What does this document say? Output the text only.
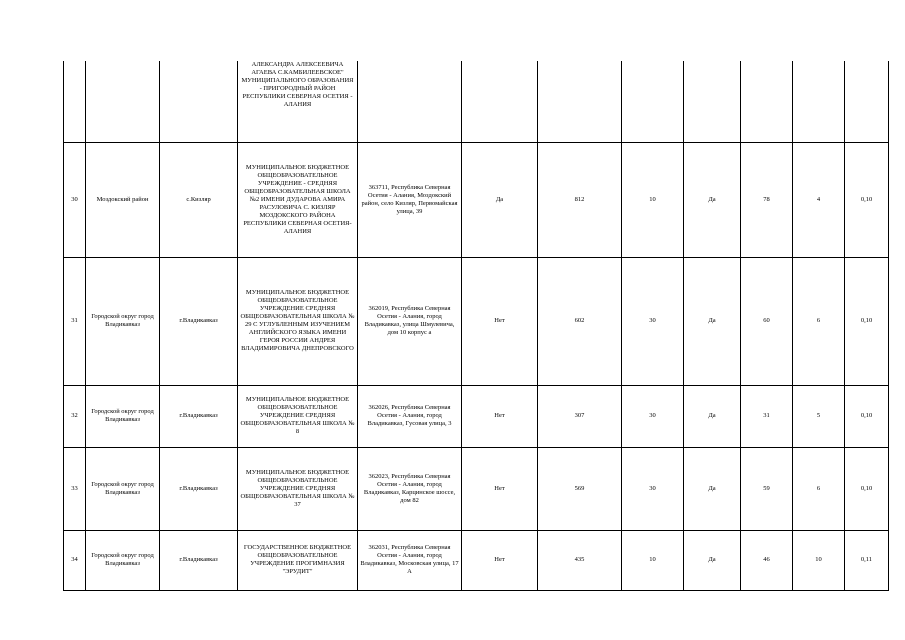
			АЛЕКСАНДРА АЛЕКСЕЕВИЧА АГАЕВА С.КАМБИЛЕЕВСКОЕ" МУНИЦИПАЛЬНОГО ОБРАЗОВАНИЯ - ПРИГОРОДНЫЙ РАЙОН РЕСПУБЛИКИ СЕВЕРНАЯ ОСЕТИЯ - АЛАНИЯ								
30	Моздокский район	с.Кизляр	МУНИЦИПАЛЬНОЕ БЮДЖЕТНОЕ ОБЩЕОБРАЗОВАТЕЛЬНОЕ УЧРЕЖДЕНИЕ - СРЕДНЯЯ ОБЩЕОБРАЗОВАТЕЛЬНАЯ ШКОЛА №2 ИМЕНИ ДУДАРОВА АМИРА РАСУЛОВИЧА С. КИЗЛЯР МОЗДОКСКОГО РАЙОНА РЕСПУБЛИКИ СЕВЕРНАЯ ОСЕТИЯ-АЛАНИЯ	363711, Республика Северная Осетия - Алания, Моздокский район, село Кизляр, Первомайская улица, 39	Да	812	10	Да	78	4	0,10
31	Городской округ город Владикавказ	г.Владикавказ	МУНИЦИПАЛЬНОЕ БЮДЖЕТНОЕ ОБЩЕОБРАЗОВАТЕЛЬНОЕ УЧРЕЖДЕНИЕ СРЕДНЯЯ ОБЩЕОБРАЗОВАТЕЛЬНАЯ ШКОЛА № 29 С УГЛУБЛЕННЫМ ИЗУЧЕНИЕМ АНГЛИЙСКОГО ЯЗЫКА ИМЕНИ ГЕРОЯ РОССИИ АНДРЕЯ ВЛАДИМИРОВИЧА ДНЕПРОВСКОГО	362019, Республика Северная Осетия - Алания, город Владикавказ, улица Шмулевича, дом 10 корпус а	Нет	602	30	Да	60	6	0,10
32	Городской округ город Владикавказ	г.Владикавказ	МУНИЦИПАЛЬНОЕ БЮДЖЕТНОЕ ОБЩЕОБРАЗОВАТЕЛЬНОЕ УЧРЕЖДЕНИЕ СРЕДНЯЯ ОБЩЕОБРАЗОВАТЕЛЬНАЯ ШКОЛА № 8	362026, Республика Северная Осетия - Алания, город Владикавказ, Гусовая улица, 3	Нет	307	30	Да	31	5	0,10
33	Городской округ город Владикавказ	г.Владикавказ	МУНИЦИПАЛЬНОЕ БЮДЖЕТНОЕ ОБЩЕОБРАЗОВАТЕЛЬНОЕ УЧРЕЖДЕНИЕ СРЕДНЯЯ ОБЩЕОБРАЗОВАТЕЛЬНАЯ ШКОЛА № 37	362023, Республика Северная Осетия - Алания, город Владикавказ, Карцинское шоссе, дом 82	Нет	569	30	Да	59	6	0,10
34	Городской округ город Владикавказ	г.Владикавказ	ГОСУДАРСТВЕННОЕ БЮДЖЕТНОЕ ОБЩЕОБРАЗОВАТЕЛЬНОЕ УЧРЕЖДЕНИЕ ПРОГИМНАЗИЯ "ЭРУДИТ"	362031, Республика Северная Осетия - Алания, город Владикавказ, Московская улица, 17 А	Нет	435	10	Да	46	10	0,11
